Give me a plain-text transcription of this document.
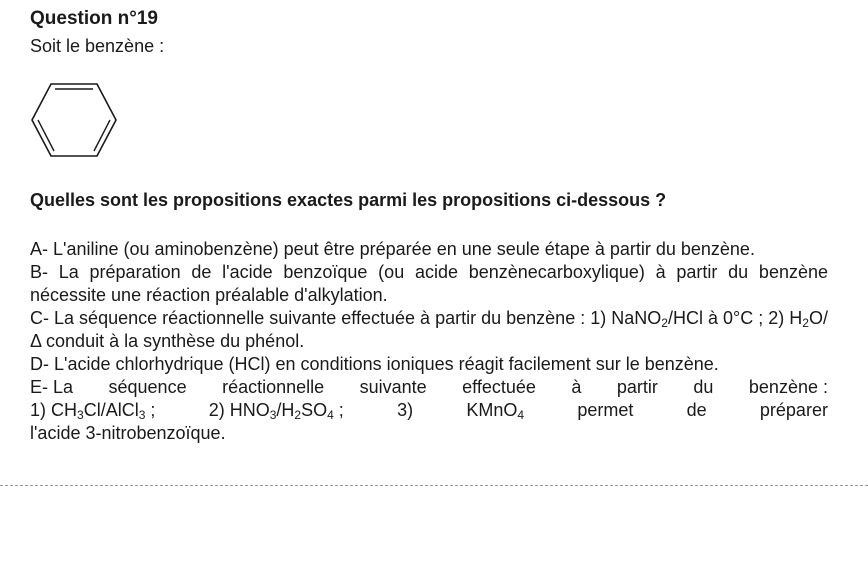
Question n°19
Soit le benzène :
Quelles sont les propositions exactes parmi les propositions ci-dessous ?

A- L'aniline (ou aminobenzène) peut être préparée en une seule étape à partir du benzène.

B- La préparation de l'acide benzoïque (ou acide benzènecarboxylique) à partir du benzène nécessite une réaction préalable d'alkylation.

C- La séquence réactionnelle suivante effectuée à partir du benzène : 1) NaNO$_2$/HCl à 0°C ; 2) $H_2O/\Delta$ conduit à la synthèse du phénol.

D- L'acide chlorhydrique (HCl) en conditions ioniques réagit facilement sur le benzène.

E- La séquence réactionnelle suivante effectuée à partir du benzène :
1) $CH_3Cl/AlCl_3$ ;	2) $HNO_3/H_2SO_4$ ;	3)	KMnO$_4$	permet	de	préparer
l'acide 3-nitrobenzoïque.
